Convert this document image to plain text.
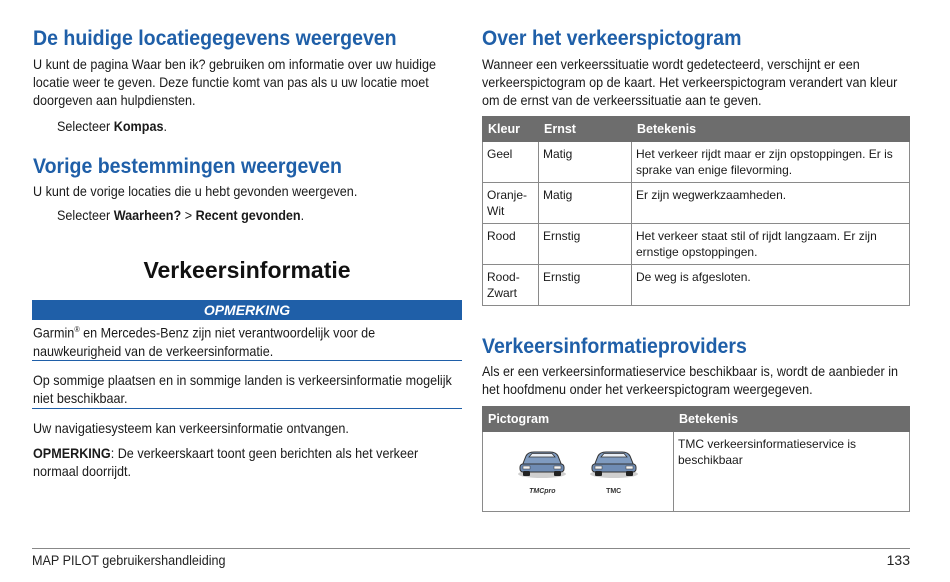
De huidige locatiegegevens weergeven
U kunt de pagina Waar ben ik? gebruiken om informatie over uw huidige locatie weer te geven. Deze functie komt van pas als u uw locatie moet doorgeven aan hulpdiensten.
Selecteer Kompas.
Vorige bestemmingen weergeven
U kunt de vorige locaties die u hebt gevonden weergeven.
Selecteer Waarheen? > Recent gevonden.
Verkeersinformatie
OPMERKING
Garmin® en Mercedes-Benz zijn niet verantwoordelijk voor de nauwkeurigheid van de verkeersinformatie.
Op sommige plaatsen en in sommige landen is verkeersinformatie mogelijk niet beschikbaar.
Uw navigatiesysteem kan verkeersinformatie ontvangen.
OPMERKING: De verkeerskaart toont geen berichten als het verkeer normaal doorrijdt.
Over het verkeerspictogram
Wanneer een verkeerssituatie wordt gedetecteerd, verschijnt er een verkeerspictogram op de kaart. Het verkeerspictogram verandert van kleur om de ernst van de verkeerssituatie aan te geven.
Kleur	Ernst	Betekenis
Geel	Matig	Het verkeer rijdt maar er zijn opstoppingen. Er is sprake van enige filevorming.
Oranje-Wit	Matig	Er zijn wegwerkzaamheden.
Rood	Ernstig	Het verkeer staat stil of rijdt langzaam. Er zijn ernstige opstoppingen.
Rood-Zwart	Ernstig	De weg is afgesloten.
Verkeersinformatieproviders
Als er een verkeersinformatieservice beschikbaar is, wordt de aanbieder in het hoofdmenu onder het verkeerspictogram weergegeven.
Pictogram	Betekenis

TMCpro
TMC	TMC verkeersinformatieservice is beschikbaar
MAP PILOT gebruikershandleiding	133
